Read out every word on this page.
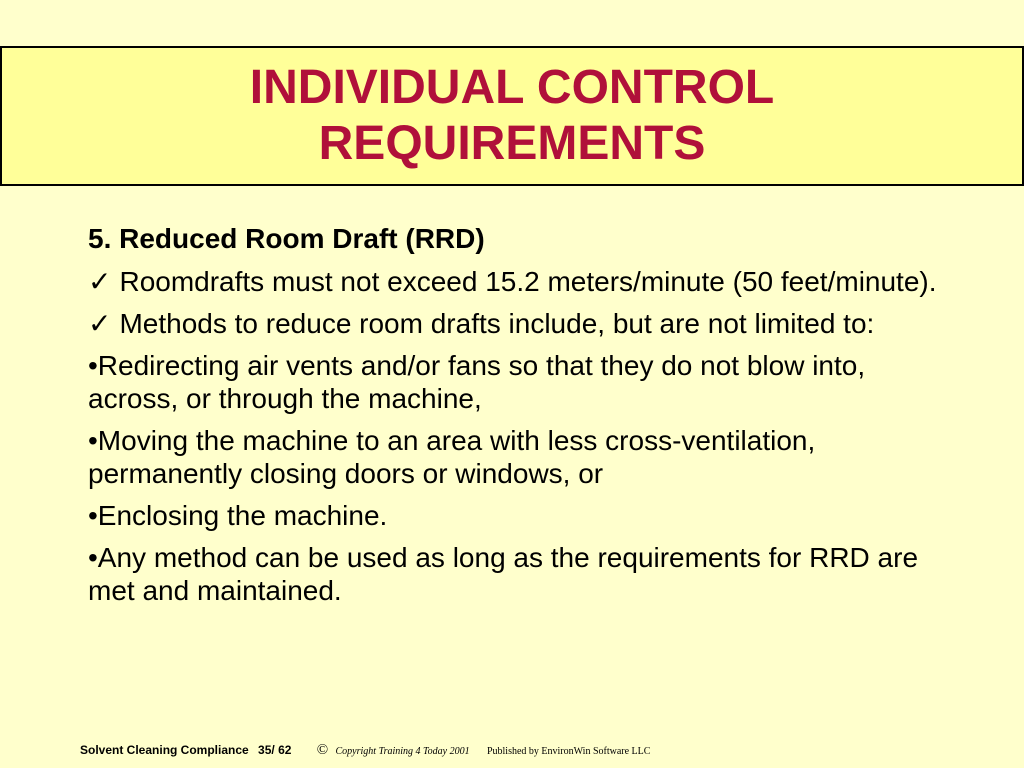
INDIVIDUAL CONTROL
REQUIREMENTS
5. Reduced Room Draft (RRD)
✓ Roomdrafts must not exceed 15.2 meters/minute (50 feet/minute).
✓ Methods to reduce room drafts include, but are not limited to:
•Redirecting air vents and/or fans so that they do not blow into, across, or through the machine,
•Moving the machine to an area with less cross-ventilation, permanently closing doors or windows, or
•Enclosing the machine.
•Any method can be used as long as the requirements for RRD are met and maintained.
Solvent Cleaning Compliance 35/ 62 © Copyright Training 4 Today 2001 Published by EnvironWin Software LLC
